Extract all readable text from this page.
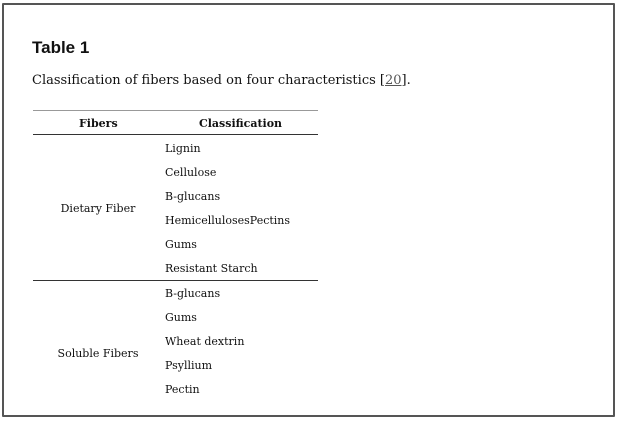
Table 1
Classification of fibers based on four characteristics [20].
Fibers	Classification
Dietary Fiber
Lignin
Cellulose
B-glucans
HemicellulosesPectins
Gums
Resistant Starch
Soluble Fibers
B-glucans
Gums
Wheat dextrin
Psyllium
Pectin
